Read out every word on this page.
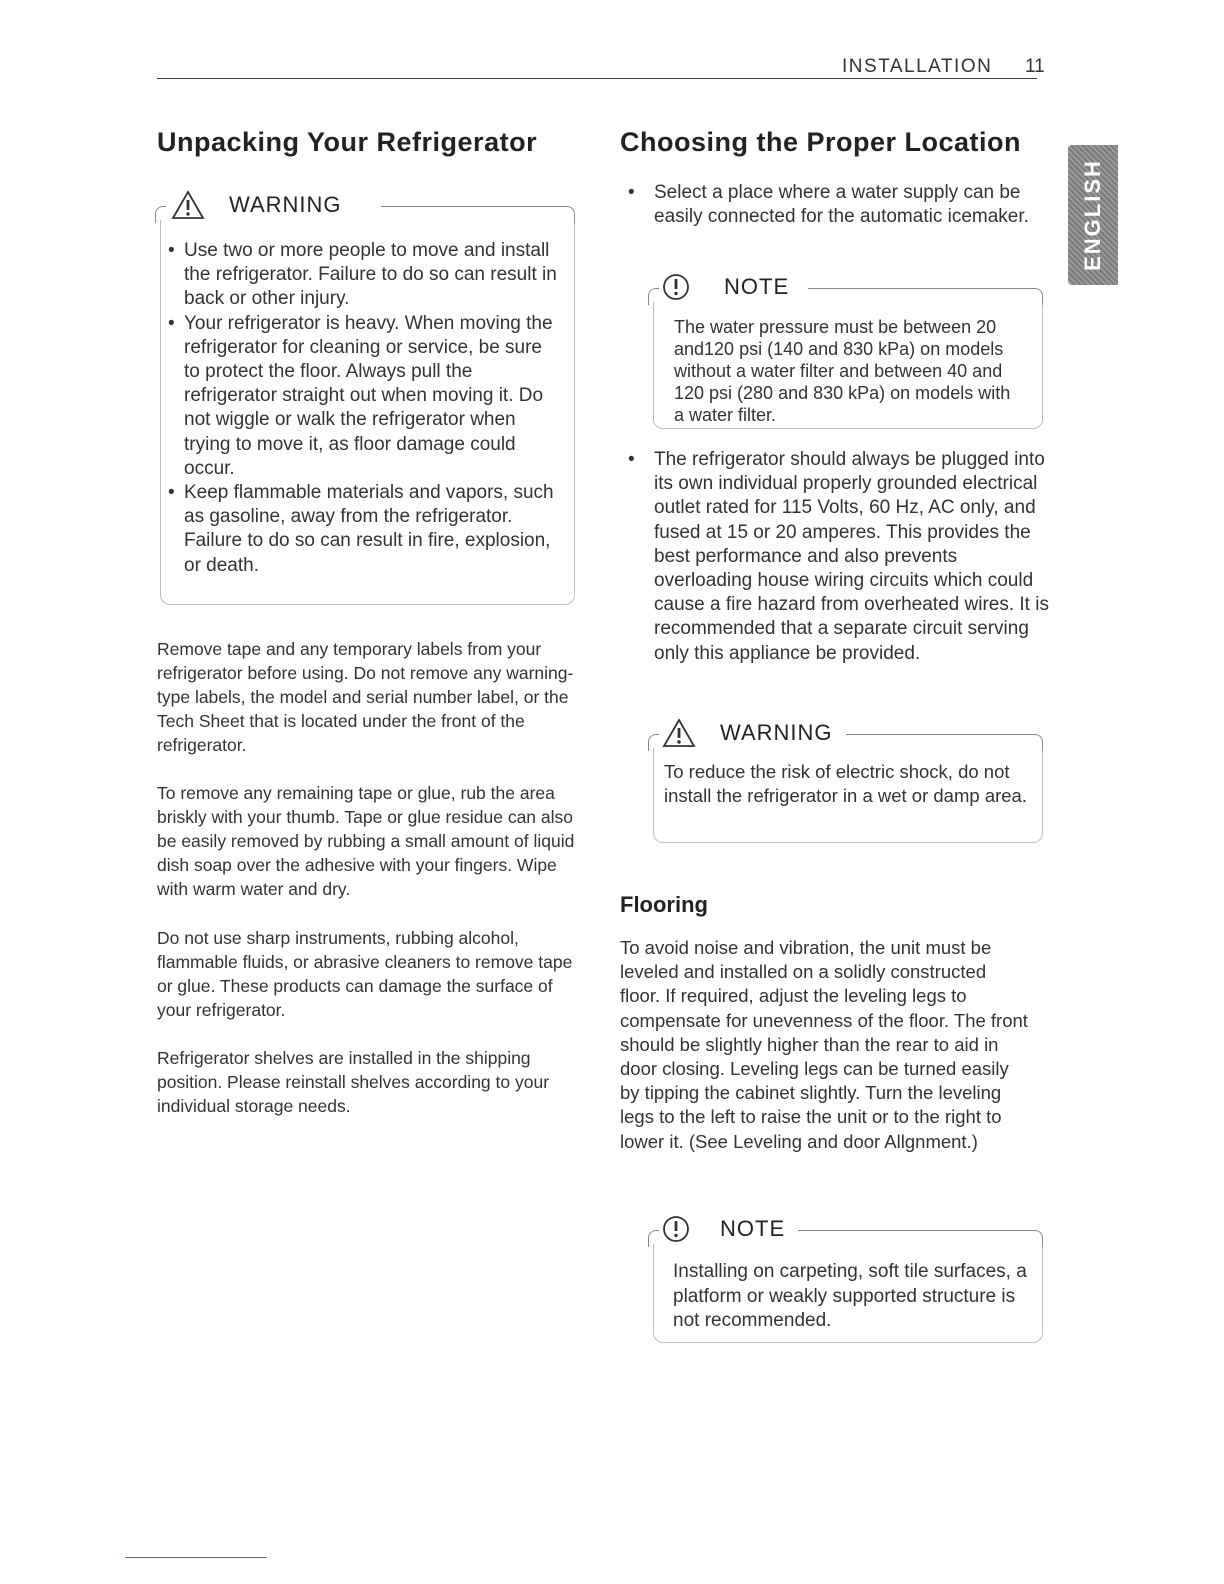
INSTALLATION 11
ENGLISH
Unpacking Your Refrigerator
WARNING
• Use two or more people to move and install the refrigerator. Failure to do so can result in back or other injury.
• Your refrigerator is heavy. When moving the refrigerator for cleaning or service, be sure to protect the floor. Always pull the refrigerator straight out when moving it. Do not wiggle or walk the refrigerator when trying to move it, as floor damage could occur.
• Keep flammable materials and vapors, such as gasoline, away from the refrigerator. Failure to do so can result in fire, explosion, or death.

Remove tape and any temporary labels from your refrigerator before using. Do not remove any warning-type labels, the model and serial number label, or the Tech Sheet that is located under the front of the refrigerator.

To remove any remaining tape or glue, rub the area briskly with your thumb. Tape or glue residue can also be easily removed by rubbing a small amount of liquid dish soap over the adhesive with your fingers. Wipe with warm water and dry.

Do not use sharp instruments, rubbing alcohol, flammable fluids, or abrasive cleaners to remove tape or glue. These products can damage the surface of your refrigerator.

Refrigerator shelves are installed in the shipping position. Please reinstall shelves according to your individual storage needs.

Choosing the Proper Location
• Select a place where a water supply can be easily connected for the automatic icemaker.
NOTE

The water pressure must be between 20 and120 psi (140 and 830 kPa) on models without a water filter and between 40 and 120 psi (280 and 830 kPa) on models with a water filter.

• The refrigerator should always be plugged into its own individual properly grounded electrical outlet rated for 115 Volts, 60 Hz, AC only, and fused at 15 or 20 amperes. This provides the best performance and also prevents overloading house wiring circuits which could cause a fire hazard from overheated wires. It is recommended that a separate circuit serving only this appliance be provided.
WARNING

To reduce the risk of electric shock, do not install the refrigerator in a wet or damp area.

Flooring

To avoid noise and vibration, the unit must be leveled and installed on a solidly constructed floor. If required, adjust the leveling legs to compensate for unevenness of the floor. The front should be slightly higher than the rear to aid in door closing. Leveling legs can be turned easily by tipping the cabinet slightly. Turn the leveling legs to the left to raise the unit or to the right to lower it. (See Leveling and door Allgnment.)

NOTE

Installing on carpeting, soft tile surfaces, a platform or weakly supported structure is not recommended.
